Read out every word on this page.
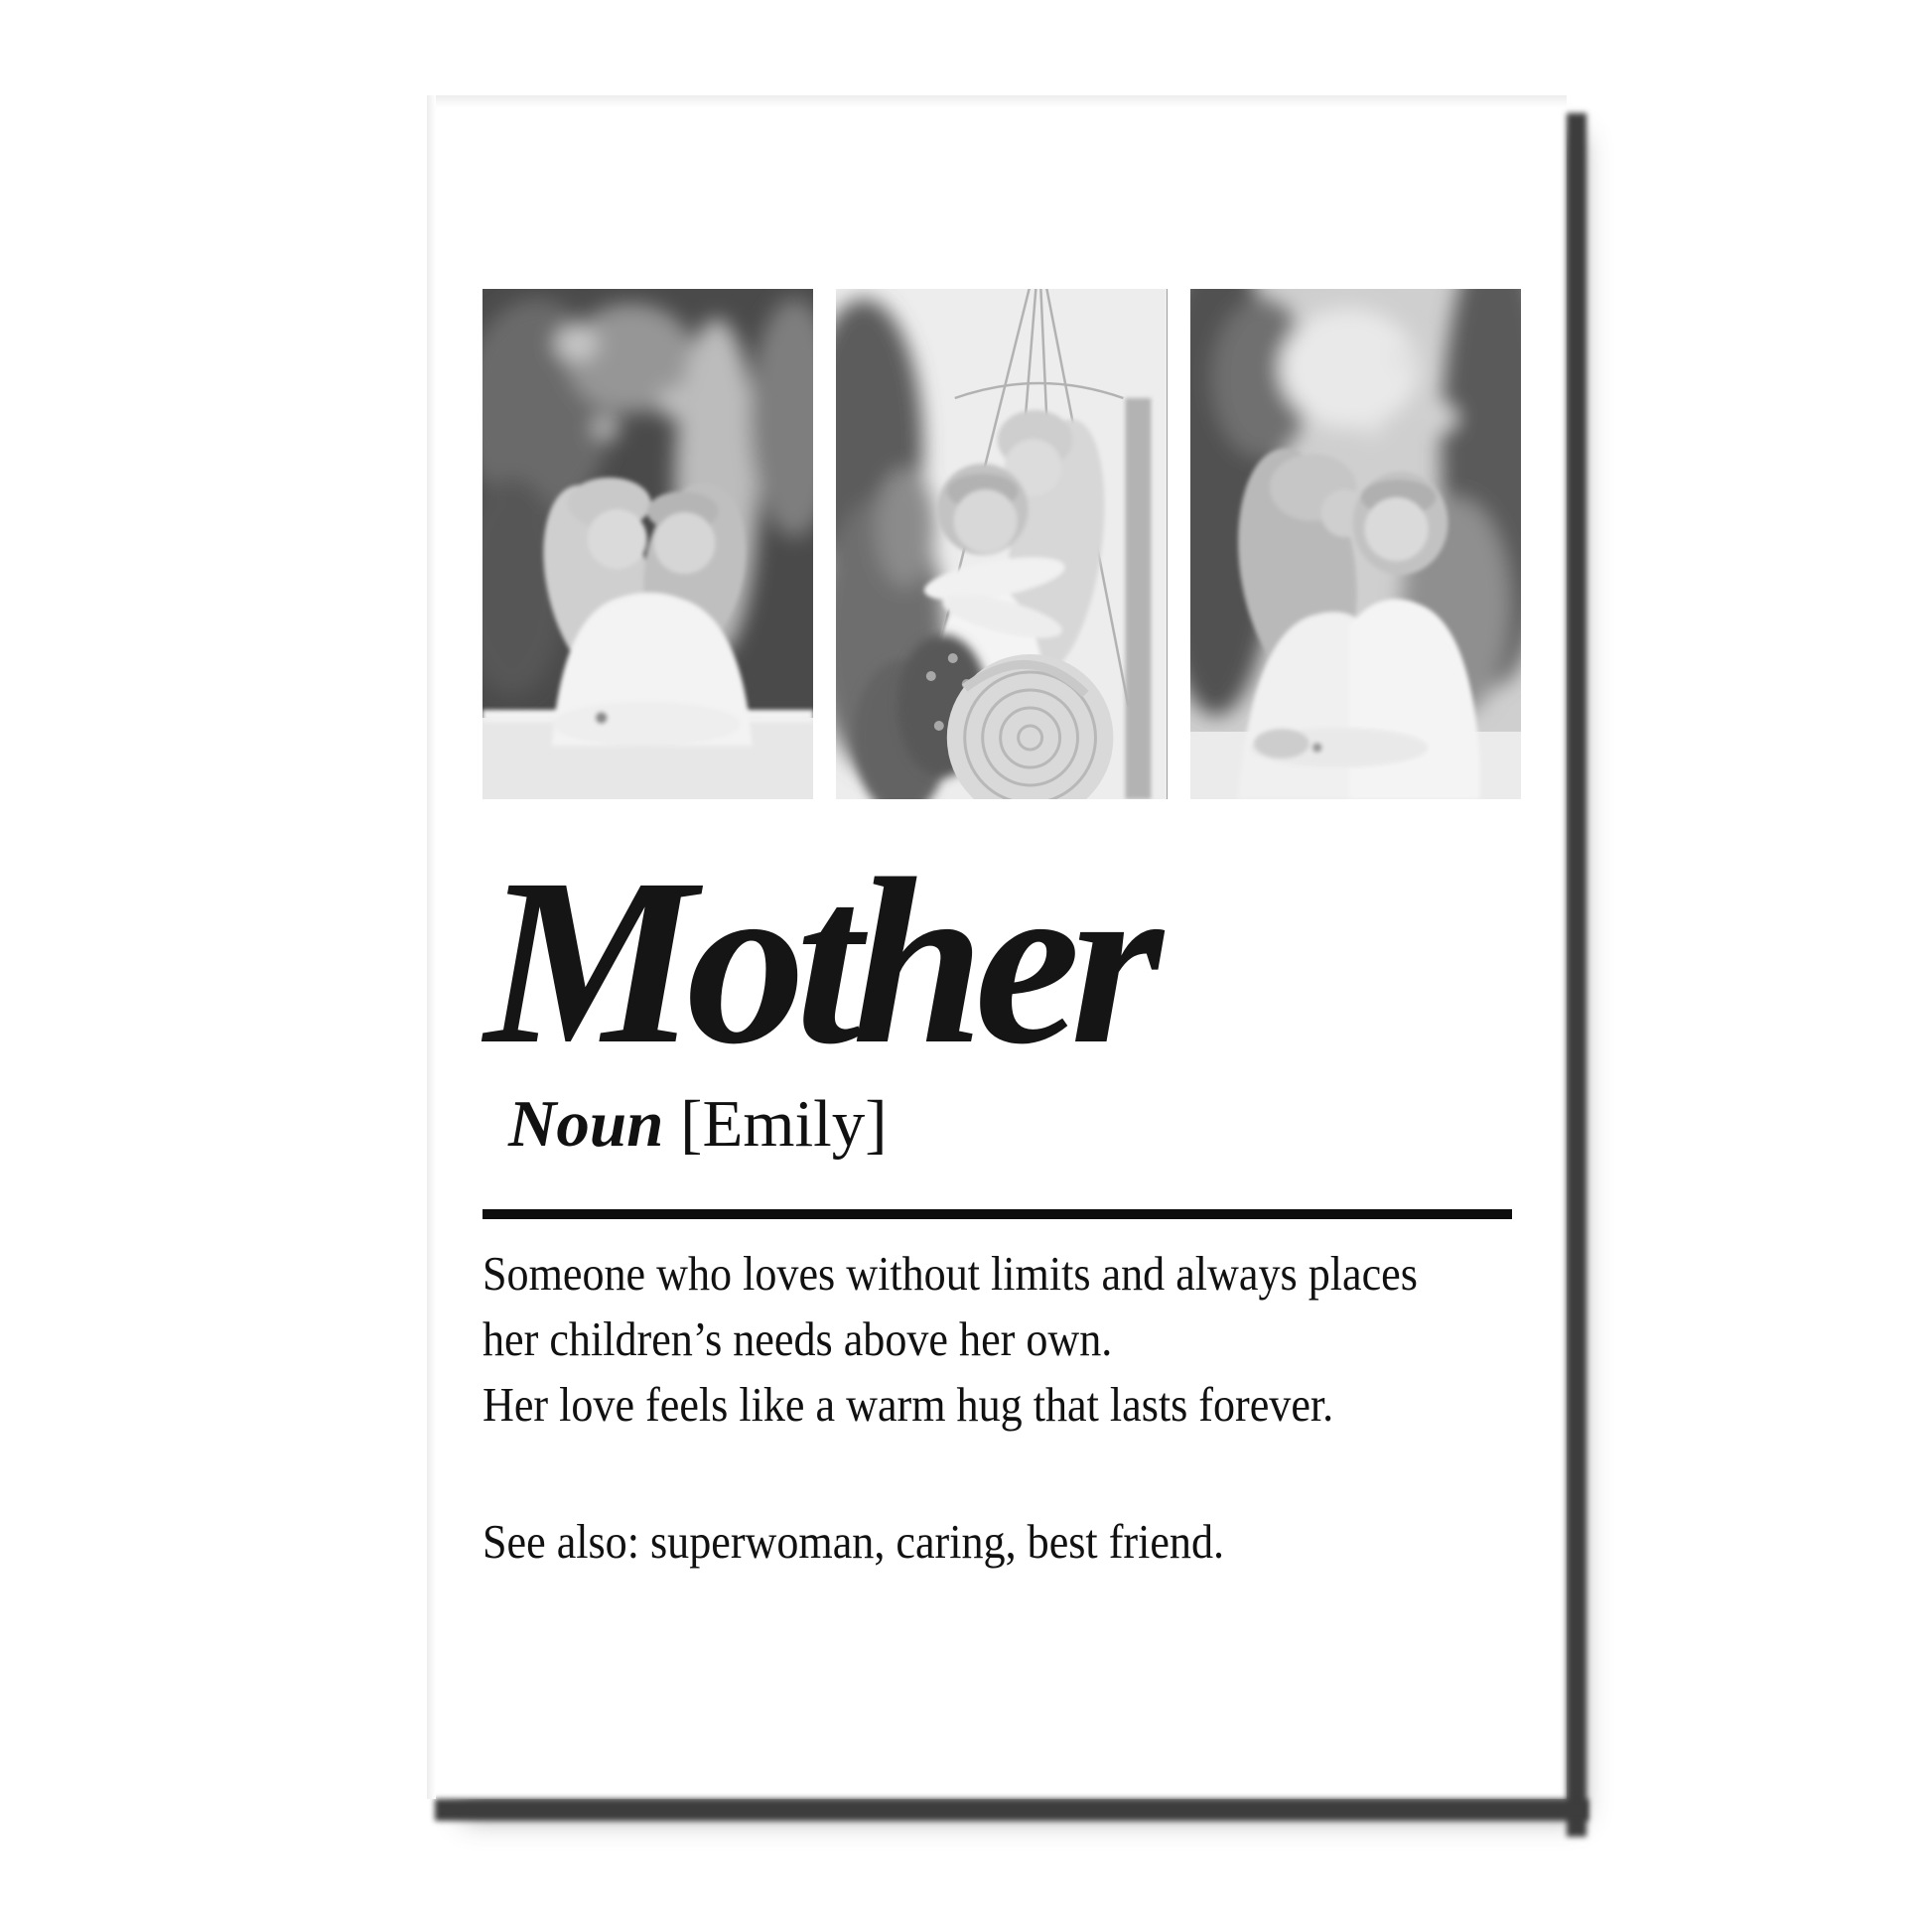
Mother
Noun [Emily]

Someone who loves without limits and always places

her children’s needs above her own.

Her love feels like a warm hug that lasts forever.

See also: superwoman, caring, best friend.
